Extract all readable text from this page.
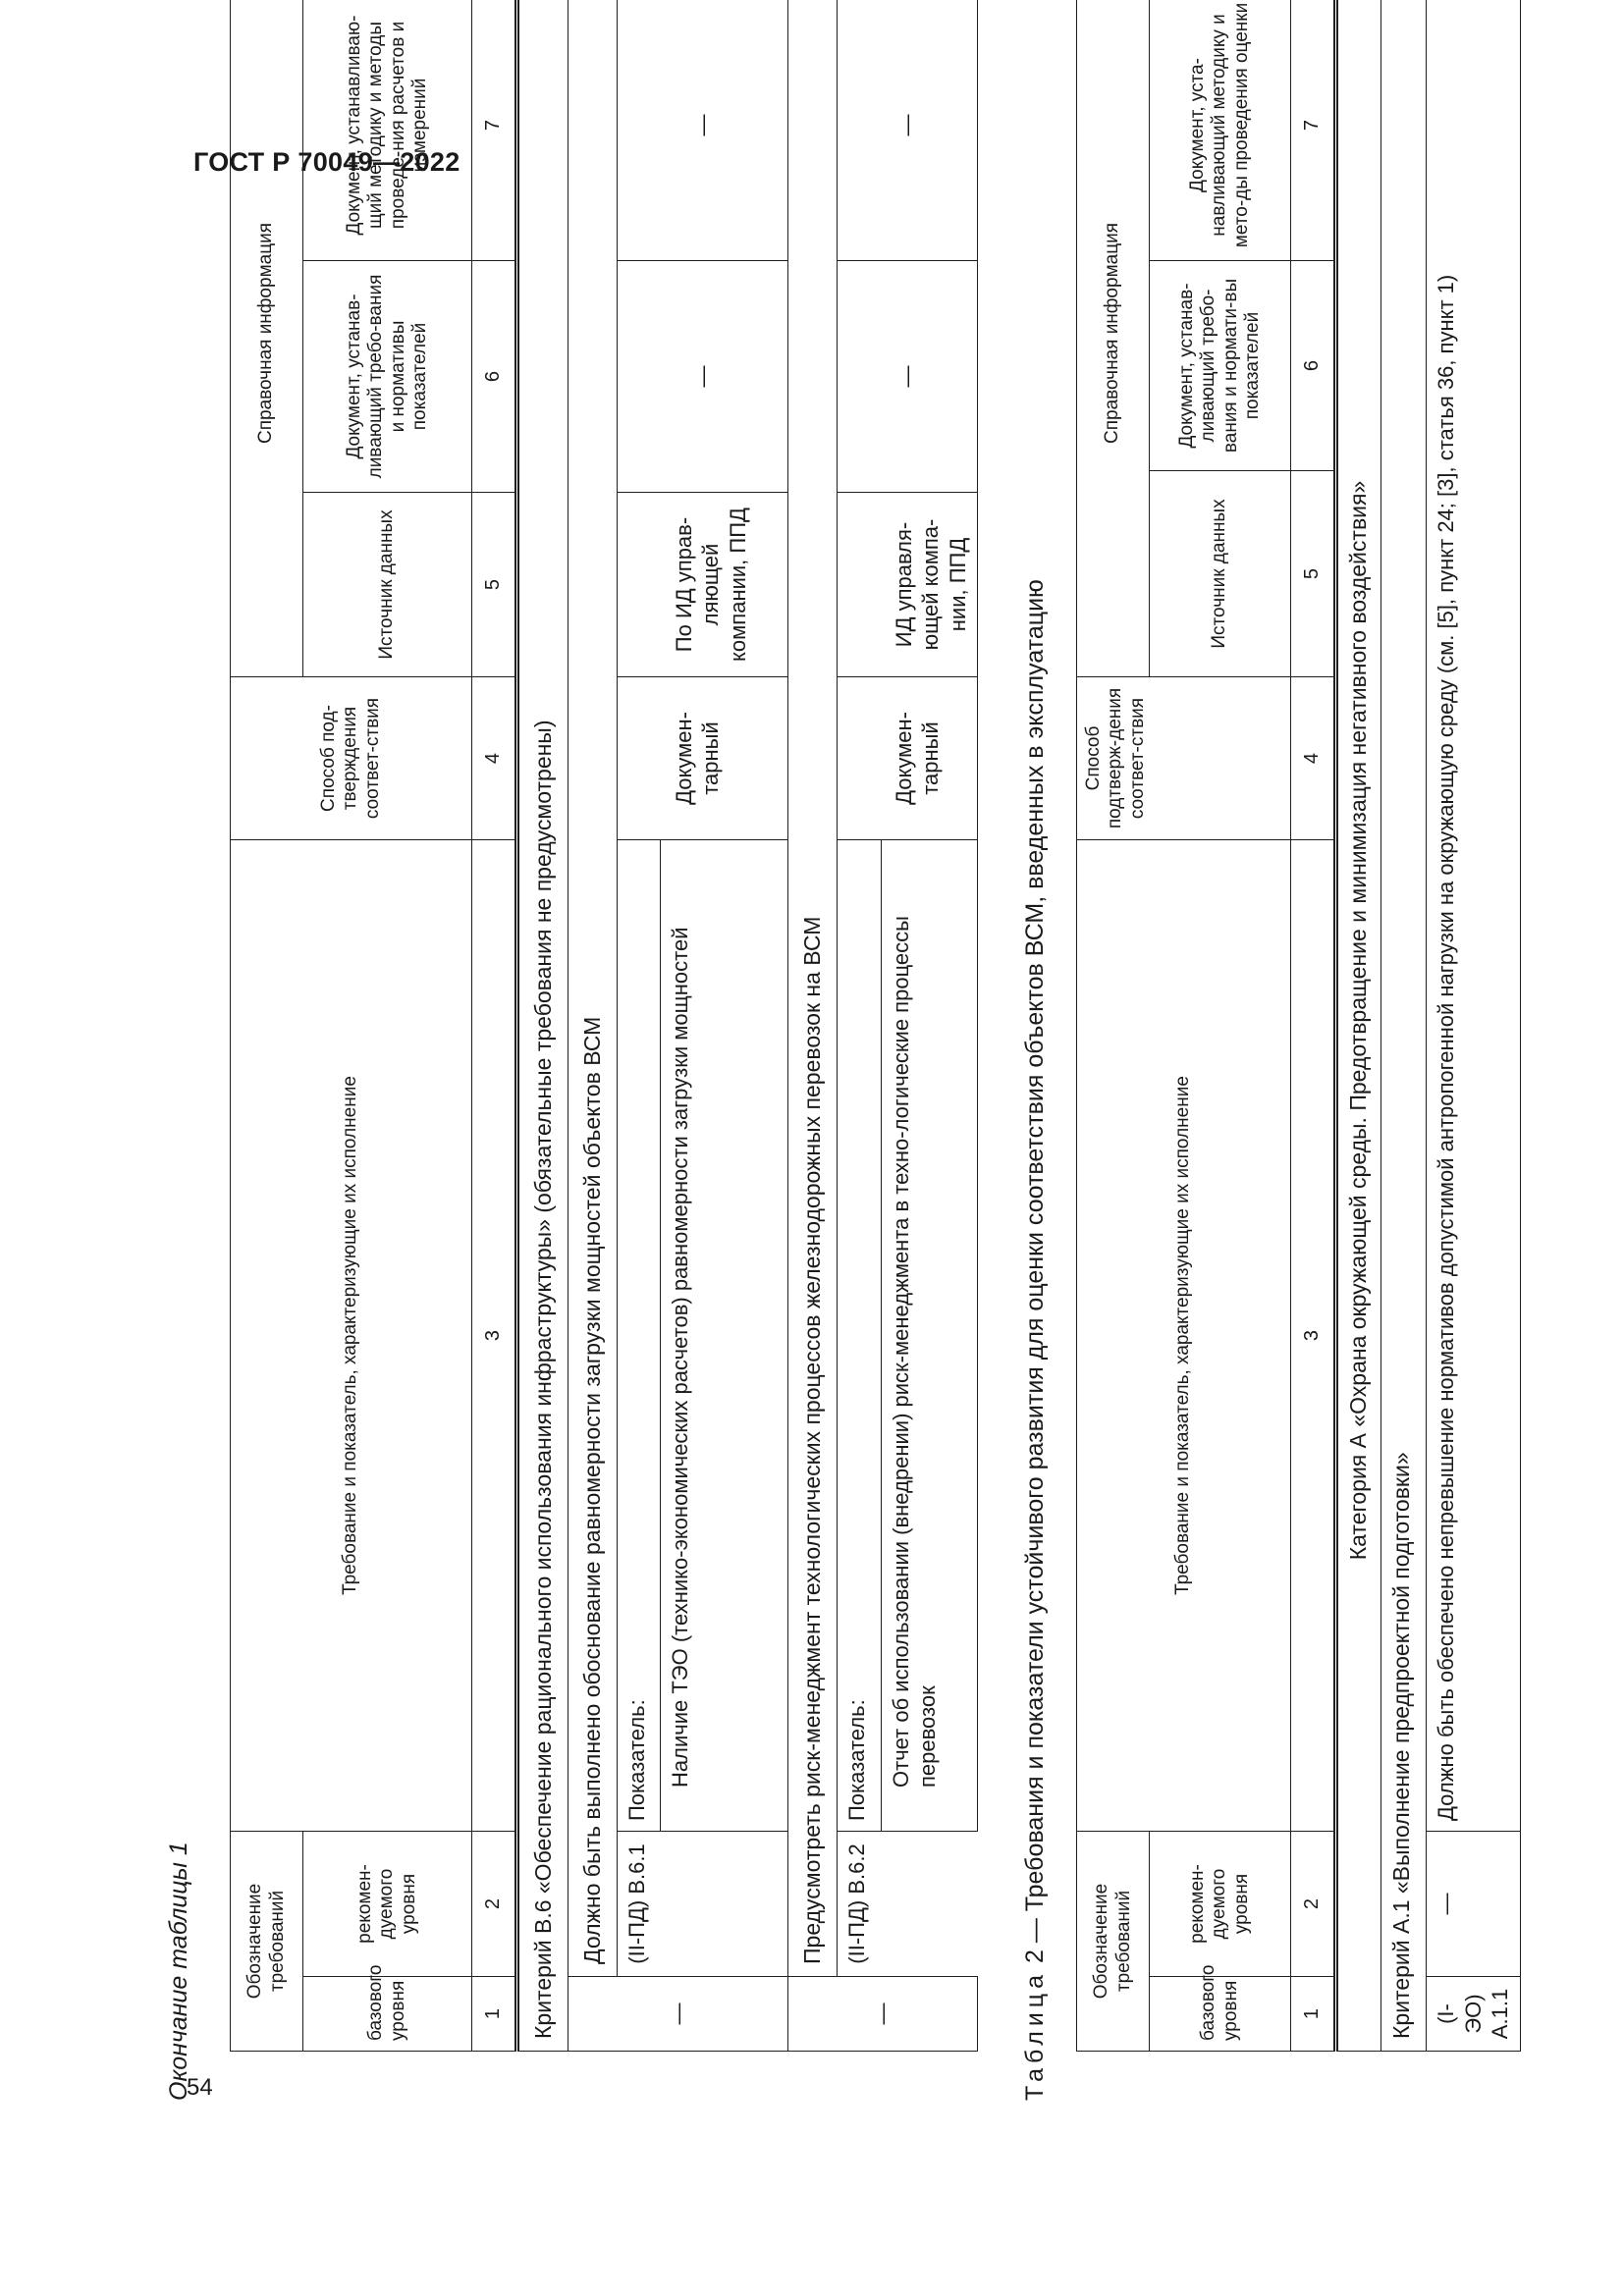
ГОСТ Р 70049—2022
54
Окончание таблицы 1	Обозначение требований		Требование и показатель, характеризующие их исполнение	Способ под-тверждения соответ-ствия	Справочная информация		
базового уровня	рекомен-дуемого уровня			Источник данных	Документ, устанав-ливающий требо-вания и нормативы показателей	Документ, устанавливаю-щий методику и методы проведе-ния расчетов и измерений
1	2	3	4	5	6	7
Критерий В.6 «Обеспечение рационального использования инфраструктуры» (обязательные требования не предусмотрены)						
—	Должно быть выполнено обоснование равномерности загрузки мощностей объектов ВСМ					
	(II-ПД) В.6.1	Показатель:	Докумен-тарный	По ИД управ-ляющей компании, ППД	—	—
		Наличие ТЭО (технико-экономических расчетов) равномерности загрузки мощностей				
—	Предусмотреть риск-менеджмент технологических процессов железнодорожных перевозок на ВСМ					
	(II-ПД) В.6.2	Показатель:	Докумен-тарный	ИД управля-ющей компа-нии, ППД	—	—
		Отчет об использовании (внедрении) риск-менеджмента в техно-логические процессы перевозок				
Таблица 2 — Требования и показатели устойчивого развития для оценки соответствия объектов ВСМ, введенных в эксплуатацию Обозначение требований		Требование и показатель, характеризующие их исполнение	Способ подтверж-дения соответ-ствия	Справочная информация		
базового уровня	рекомен-дуемого уровня			Источник данных	Документ, устанав-ливающий требо-вания и нормати-вы показателей	Документ, уста-навливающий методику и мето-ды проведения оценки
1	2	3	4	5	6	7
Категория А «Охрана окружающей среды. Предотвращение и минимизация негативного воздействия»						
Критерий А.1 «Выполнение предпроектной подготовки»						
(I-ЭО) А.1.1	—	Должно быть обеспечено непревышение нормативов допустимой антропогенной нагрузки на окружающую среду (см. [5], пункт 24; [3], статья 36, пункт 1)				
